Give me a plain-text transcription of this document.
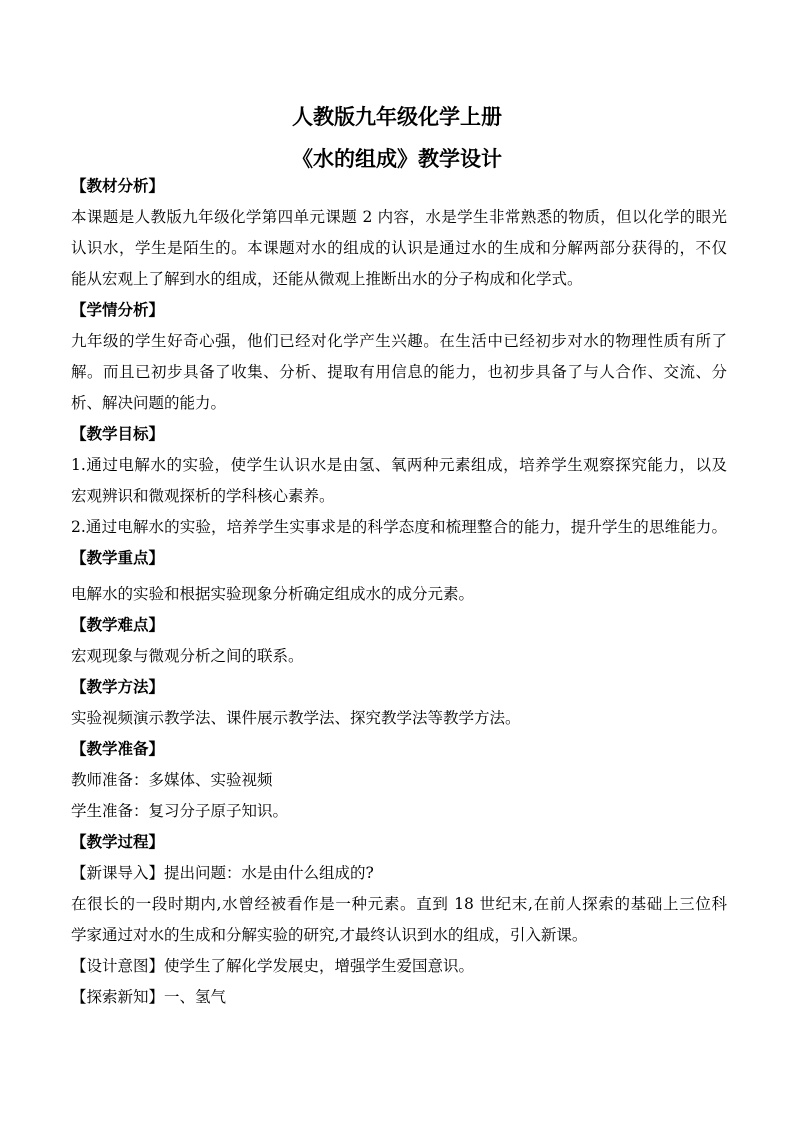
人教版九年级化学上册
《水的组成》教学设计
【教材分析】
本课题是人教版九年级化学第四单元课题 2 内容，水是学生非常熟悉的物质，但以化学的眼光
认识水，学生是陌生的。本课题对水的组成的认识是通过水的生成和分解两部分获得的，不仅
能从宏观上了解到水的组成，还能从微观上推断出水的分子构成和化学式。
【学情分析】
九年级的学生好奇心强，他们已经对化学产生兴趣。在生活中已经初步对水的物理性质有所了
解。而且已初步具备了收集、分析、提取有用信息的能力，也初步具备了与人合作、交流、分
析、解决问题的能力。
【教学目标】
1.通过电解水的实验，使学生认识水是由氢、氧两种元素组成，培养学生观察探究能力，以及
宏观辨识和微观探析的学科核心素养。
2.通过电解水的实验，培养学生实事求是的科学态度和梳理整合的能力，提升学生的思维能力。
【教学重点】
电解水的实验和根据实验现象分析确定组成水的成分元素。
【教学难点】
宏观现象与微观分析之间的联系。
【教学方法】
实验视频演示教学法、课件展示教学法、探究教学法等教学方法。
【教学准备】
教师准备：多媒体、实验视频
学生准备：复习分子原子知识。
【教学过程】
【新课导入】提出问题：水是由什么组成的?
在很长的一段时期内,水曾经被看作是一种元素。直到 18 世纪末,在前人探索的基础上三位科
学家通过对水的生成和分解实验的研究,才最终认识到水的组成，引入新课。
【设计意图】使学生了解化学发展史，增强学生爱国意识。
【探索新知】一、氢气
